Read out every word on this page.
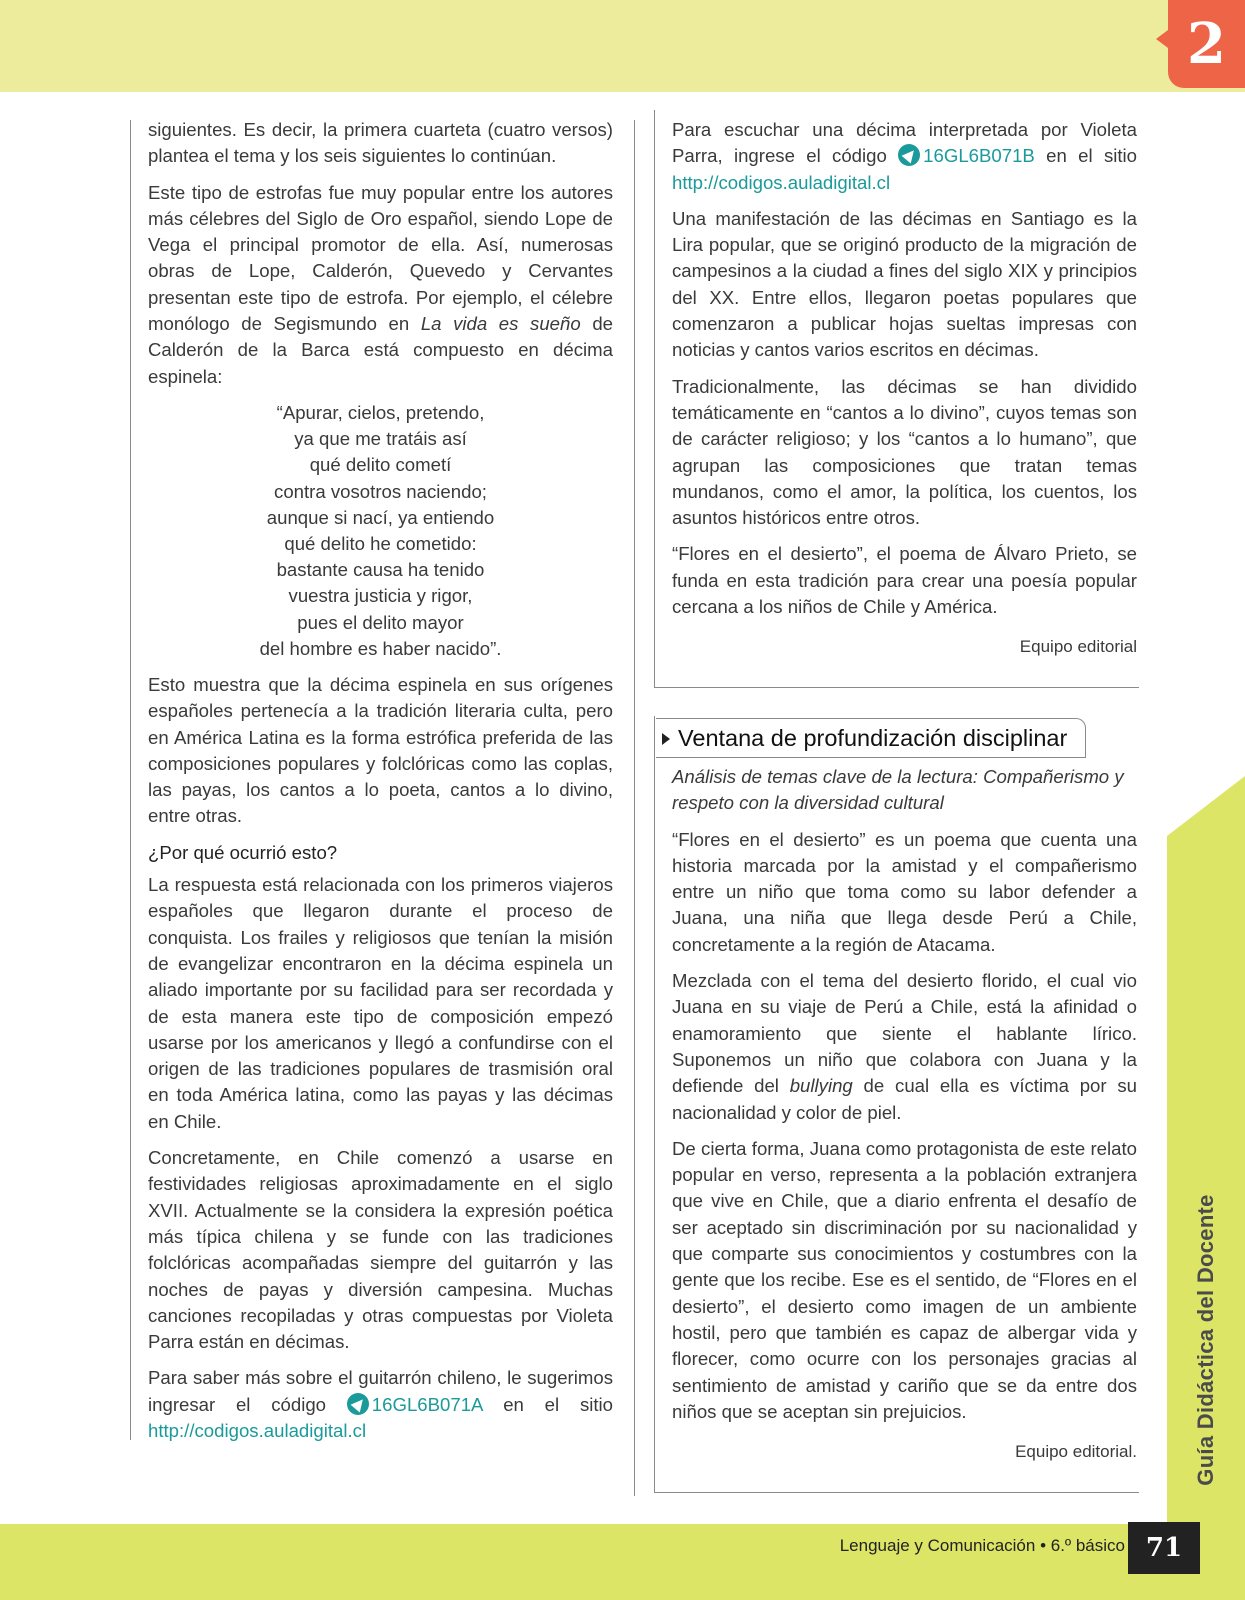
2
Guía Didáctica del Docente
Lenguaje y Comunicación • 6.º básico 71

siguientes. Es decir, la primera cuarteta (cuatro versos) plantea el tema y los seis siguientes lo continúan.

Este tipo de estrofas fue muy popular entre los autores más célebres del Siglo de Oro español, siendo Lope de Vega el principal promotor de ella. Así, numerosas obras de Lope, Calderón, Quevedo y Cervantes presentan este tipo de estrofa. Por ejemplo, el célebre monólogo de Segismundo en La vida es sueño de Calderón de la Barca está compuesto en décima espinela:

“Apurar, cielos, pretendo,
ya que me tratáis así
qué delito cometí
contra vosotros naciendo;
aunque si nací, ya entiendo
qué delito he cometido:
bastante causa ha tenido
vuestra justicia y rigor,
pues el delito mayor
del hombre es haber nacido”.

Esto muestra que la décima espinela en sus orígenes españoles pertenecía a la tradición literaria culta, pero en América Latina es la forma estrófica preferida de las composiciones populares y folclóricas como las coplas, las payas, los cantos a lo poeta, cantos a lo divino, entre otras.

¿Por qué ocurrió esto?

La respuesta está relacionada con los primeros viajeros españoles que llegaron durante el proceso de conquista. Los frailes y religiosos que tenían la misión de evangelizar encontraron en la décima espinela un aliado importante por su facilidad para ser recordada y de esta manera este tipo de composición empezó usarse por los americanos y llegó a confundirse con el origen de las tradiciones populares de trasmisión oral en toda América latina, como las payas y las décimas en Chile.

Concretamente, en Chile comenzó a usarse en festividades religiosas aproximadamente en el siglo XVII. Actualmente se la considera la expresión poética más típica chilena y se funde con las tradiciones folclóricas acompañadas siempre del guitarrón y las noches de payas y diversión campesina. Muchas canciones recopiladas y otras compuestas por Violeta Parra están en décimas.

Para saber más sobre el guitarrón chileno, le sugerimos ingresar el código 16GL6B071A en el sitio http://codigos.auladigital.cl

Para escuchar una décima interpretada por Violeta Parra, ingrese el código 16GL6B071B en el sitio http://codigos.auladigital.cl

Una manifestación de las décimas en Santiago es la Lira popular, que se originó producto de la migración de campesinos a la ciudad a fines del siglo XIX y principios del XX. Entre ellos, llegaron poetas populares que comenzaron a publicar hojas sueltas impresas con noticias y cantos varios escritos en décimas.

Tradicionalmente, las décimas se han dividido temáticamente en “cantos a lo divino”, cuyos temas son de carácter religioso; y los “cantos a lo humano”, que agrupan las composiciones que tratan temas mundanos, como el amor, la política, los cuentos, los asuntos históricos entre otros.

“Flores en el desierto”, el poema de Álvaro Prieto, se funda en esta tradición para crear una poesía popular cercana a los niños de Chile y América.

Equipo editorial

Ventana de profundización disciplinar

Análisis de temas clave de la lectura: Compañerismo y respeto con la diversidad cultural

“Flores en el desierto” es un poema que cuenta una historia marcada por la amistad y el compañerismo entre un niño que toma como su labor defender a Juana, una niña que llega desde Perú a Chile, concretamente a la región de Atacama.

Mezclada con el tema del desierto florido, el cual vio Juana en su viaje de Perú a Chile, está la afinidad o enamoramiento que siente el hablante lírico. Suponemos un niño que colabora con Juana y la defiende del bullying de cual ella es víctima por su nacionalidad y color de piel.

De cierta forma, Juana como protagonista de este relato popular en verso, representa a la población extranjera que vive en Chile, que a diario enfrenta el desafío de ser aceptado sin discriminación por su nacionalidad y que comparte sus conocimientos y costumbres con la gente que los recibe. Ese es el sentido, de “Flores en el desierto”, el desierto como imagen de un ambiente hostil, pero que también es capaz de albergar vida y florecer, como ocurre con los personajes gracias al sentimiento de amistad y cariño que se da entre dos niños que se aceptan sin prejuicios.

Equipo editorial.
